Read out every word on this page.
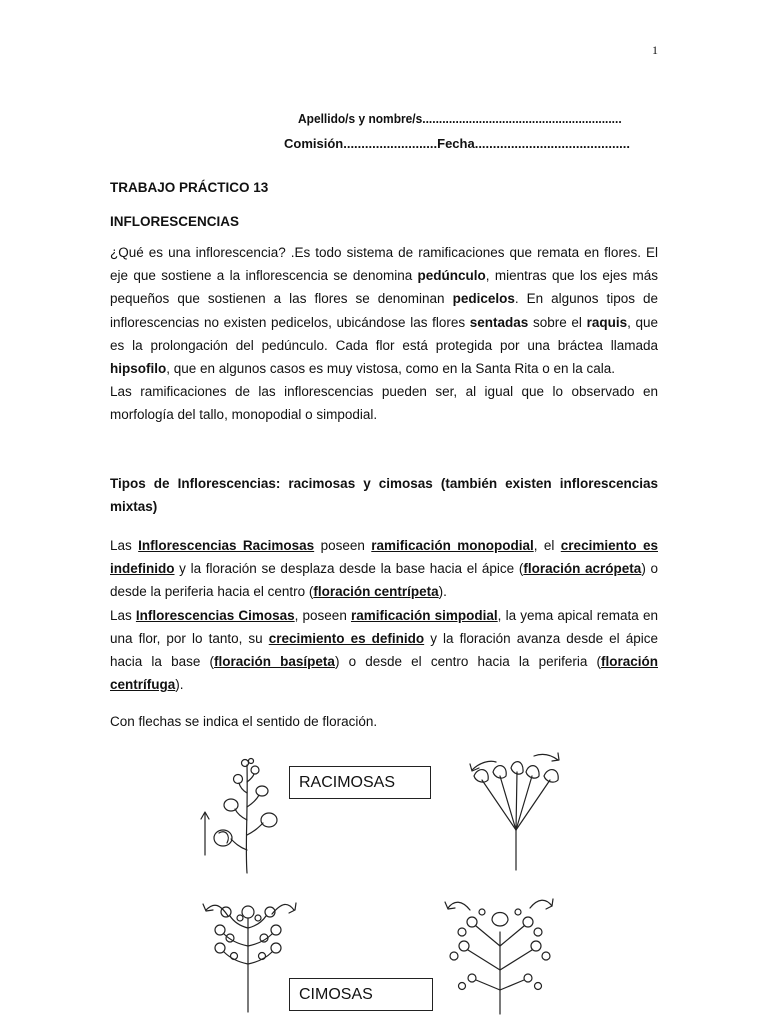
1
Apellido/s y nombre/s............................................................
Comisión..........................Fecha...........................................
TRABAJO PRÁCTICO 13
INFLORESCENCIAS
¿Qué es una inflorescencia? .Es todo sistema de ramificaciones que remata en flores. El eje que sostiene a la inflorescencia se denomina pedúnculo, mientras que los ejes más pequeños que sostienen a las flores se denominan pedicelos. En algunos tipos de inflorescencias no existen pedicelos, ubicándose las flores sentadas sobre el raquis, que es la prolongación del pedúnculo. Cada flor está protegida por una bráctea llamada hipsofilo, que en algunos casos es muy vistosa, como en la Santa Rita o en la cala.
Las ramificaciones de las inflorescencias pueden ser, al igual que lo observado en morfología del tallo, monopodial o simpodial.
Tipos de Inflorescencias: racimosas y cimosas (también existen inflorescencias mixtas)
Las Inflorescencias Racimosas poseen ramificación monopodial, el crecimiento es indefinido y la floración se desplaza desde la base hacia el ápice (floración acrópeta) o desde la periferia hacia el centro (floración centrípeta).
Las Inflorescencias Cimosas, poseen ramificación simpodial, la yema apical remata en una flor, por lo tanto, su crecimiento es definido y la floración avanza desde el ápice hacia la base (floración basípeta) o desde el centro hacia la periferia (floración centrífuga).
Con flechas se indica el sentido de floración.
RACIMOSAS
CIMOSAS
